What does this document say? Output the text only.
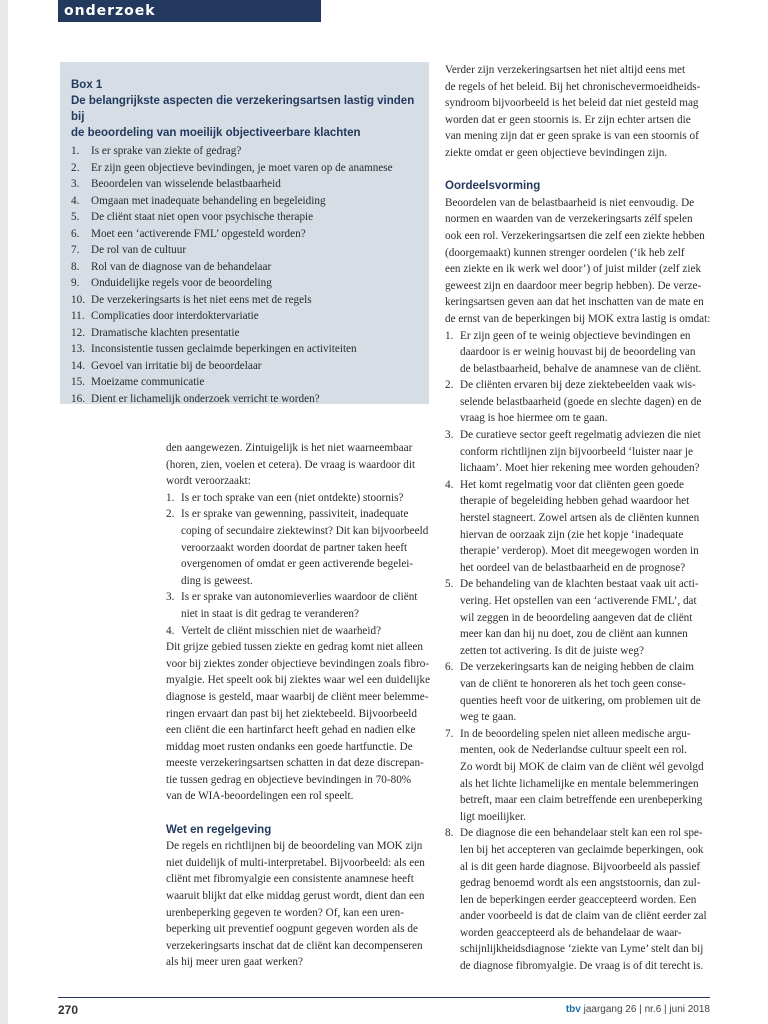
onderzoek
Box 1
De belangrijkste aspecten die verzekeringsartsen lastig vinden bij
de beoordeling van moeilijk objectiveerbare klachten
1.	Is er sprake van ziekte of gedrag?
2.	Er zijn geen objectieve bevindingen, je moet varen op de anamnese
3.	Beoordelen van wisselende belastbaarheid
4.	Omgaan met inadequate behandeling en begeleiding
5.	De cliënt staat niet open voor psychische therapie
6.	Moet een ‘activerende FML’ opgesteld worden?
7.	De rol van de cultuur
8.	Rol van de diagnose van de behandelaar
9.	Onduidelijke regels voor de beoordeling
10. De verzekeringsarts is het niet eens met de regels
11. Complicaties door interdoktervariatie
12. Dramatische klachten presentatie
13. Inconsistentie tussen geclaimde beperkingen en activiteiten
14. Gevoel van irritatie bij de beoordelaar
15. Moeizame communicatie
16. Dient er lichamelijk onderzoek verricht te worden?
den aangewezen. Zintuigelijk is het niet waarneembaar
(horen, zien, voelen et cetera). De vraag is waardoor dit
wordt veroorzaakt:
1. Is er toch sprake van een (niet ontdekte) stoornis?
2. Is er sprake van gewenning, passiviteit, inadequate
coping of secundaire ziektewinst? Dit kan bijvoorbeeld
veroorzaakt worden doordat de partner taken heeft
overgenomen of omdat er geen activerende begelei-
ding is geweest.
3. Is er sprake van autonomieverlies waardoor de cliënt
niet in staat is dit gedrag te veranderen?
4. Vertelt de cliënt misschien niet de waarheid?
Dit grijze gebied tussen ziekte en gedrag komt niet alleen
voor bij ziektes zonder objectieve bevindingen zoals fibro-
myalgie. Het speelt ook bij ziektes waar wel een duidelijke
diagnose is gesteld, maar waarbij de cliënt meer belemme-
ringen ervaart dan past bij het ziektebeeld. Bijvoorbeeld
een cliënt die een hartinfarct heeft gehad en nadien elke
middag moet rusten ondanks een goede hartfunctie. De
meeste verzekeringsartsen schatten in dat deze discrepan-
tie tussen gedrag en objectieve bevindingen in 70-80%
van de WIA-beoordelingen een rol speelt.
Wet en regelgeving
De regels en richtlijnen bij de beoordeling van MOK zijn
niet duidelijk of multi-interpretabel. Bijvoorbeeld: als een
cliënt met fibromyalgie een consistente anamnese heeft
waaruit blijkt dat elke middag gerust wordt, dient dan een
urenbeperking gegeven te worden? Of, kan een uren-
beperking uit preventief oogpunt gegeven worden als de
verzekeringsarts inschat dat de cliënt kan decompenseren
als hij meer uren gaat werken?
Verder zijn verzekeringsartsen het niet altijd eens met
de regels of het beleid. Bij het chronischevermoeidheids-
syndroom bijvoorbeeld is het beleid dat niet gesteld mag
worden dat er geen stoornis is. Er zijn echter artsen die
van mening zijn dat er geen sprake is van een stoornis of
ziekte omdat er geen objectieve bevindingen zijn.
Oordeelsvorming
Beoordelen van de belastbaarheid is niet eenvoudig. De
normen en waarden van de verzekeringsarts zélf spelen
ook een rol. Verzekeringsartsen die zelf een ziekte hebben
(doorgemaakt) kunnen strenger oordelen (‘ik heb zelf
een ziekte en ik werk wel door’) of juist milder (zelf ziek
geweest zijn en daardoor meer begrip hebben). De verze-
keringsartsen geven aan dat het inschatten van de mate en
de ernst van de beperkingen bij MOK extra lastig is omdat:
1. Er zijn geen of te weinig objectieve bevindingen en
daardoor is er weinig houvast bij de beoordeling van
de belastbaarheid, behalve de anamnese van de cliënt.
2. De cliënten ervaren bij deze ziektebeelden vaak wis-
selende belastbaarheid (goede en slechte dagen) en de
vraag is hoe hiermee om te gaan.
3. De curatieve sector geeft regelmatig adviezen die niet
conform richtlijnen zijn bijvoorbeeld ‘luister naar je
lichaam’. Moet hier rekening mee worden gehouden?
4. Het komt regelmatig voor dat cliënten geen goede
therapie of begeleiding hebben gehad waardoor het
herstel stagneert. Zowel artsen als de cliënten kunnen
hiervan de oorzaak zijn (zie het kopje ‘inadequate
therapie’ verderop). Moet dit meegewogen worden in
het oordeel van de belastbaarheid en de prognose?
5. De behandeling van de klachten bestaat vaak uit acti-
vering. Het opstellen van een ‘activerende FML’, dat
wil zeggen in de beoordeling aangeven dat de cliënt
meer kan dan hij nu doet, zou de cliënt aan kunnen
zetten tot activering. Is dit de juiste weg?
6. De verzekeringsarts kan de neiging hebben de claim
van de cliënt te honoreren als het toch geen conse-
quenties heeft voor de uitkering, om problemen uit de
weg te gaan.
7. In de beoordeling spelen niet alleen medische argu-
menten, ook de Nederlandse cultuur speelt een rol.
Zo wordt bij MOK de claim van de cliënt wél gevolgd
als het lichte lichamelijke en mentale belemmeringen
betreft, maar een claim betreffende een urenbeperking
ligt moeilijker.
8. De diagnose die een behandelaar stelt kan een rol spe-
len bij het accepteren van geclaimde beperkingen, ook
al is dit geen harde diagnose. Bijvoorbeeld als passief
gedrag benoemd wordt als een angststoornis, dan zul-
len de beperkingen eerder geaccepteerd worden. Een
ander voorbeeld is dat de claim van de cliënt eerder zal
worden geaccepteerd als de behandelaar de waar-
schijnlijkheidsdiagnose ‘ziekte van Lyme’ stelt dan bij
de diagnose fibromyalgie. De vraag is of dit terecht is.
270	tbv jaargang 26 | nr.6 | juni 2018
